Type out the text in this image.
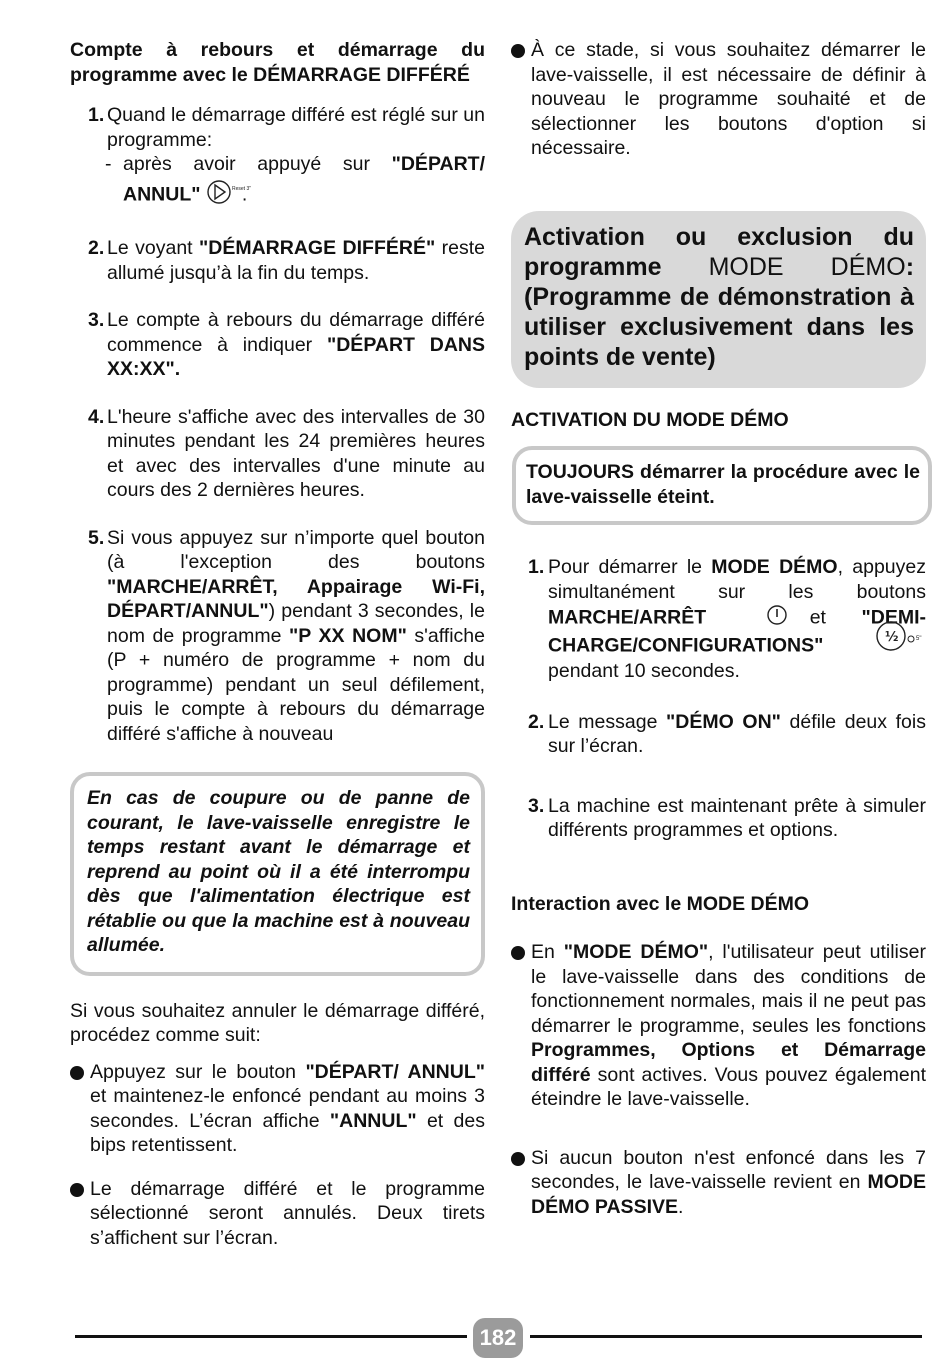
Compte à rebours et démarrage du programme avec le DÉMARRAGE DIFFÉRÉ
1. Quand le démarrage différé est réglé sur un programme:
- après avoir appuyé sur "DÉPART/ ANNUL"	Reset 3"
.
2. Le voyant "DÉMARRAGE DIFFÉRÉ" reste allumé jusqu’à la fin du temps.
3. Le compte à rebours du démarrage différé commence à indiquer "DÉPART DANS XX:XX".
4. L'heure s'affiche avec des intervalles de 30 minutes pendant les 24 premières heures et avec des intervalles d'une minute au cours des 2 dernières heures.
5. Si vous appuyez sur n’importe quel bouton (à l'exception des boutons "MARCHE/ARRÊT, Appairage Wi-Fi, DÉPART/ANNUL") pendant 3 secondes, le nom de programme "P XX NOM" s'affiche (P + numéro de programme + nom du programme) pendant un seul défilement, puis le compte à rebours du démarrage différé s'affiche à nouveau
En cas de coupure ou de panne de courant, le lave-vaisselle enregistre le temps restant avant le démarrage et reprend au point où il a été interrompu dès que l'alimentation électrique est rétablie ou que la machine est à nouveau allumée.
Si vous souhaitez annuler le démarrage différé, procédez comme suit:
Appuyez sur le bouton "DÉPART/ ANNUL" et maintenez-le enfoncé pendant au moins 3 secondes. L’écran affiche "ANNUL" et des bips retentissent.
Le démarrage différé et le programme sélectionné seront annulés. Deux tirets s’affichent sur l’écran.
À ce stade, si vous souhaitez démarrer le lave-vaisselle, il est nécessaire de définir à nouveau le programme souhaité et de sélectionner les boutons d'option si nécessaire.
Activation ou exclusion du programme MODE DÉMO: (Programme de démonstration à utiliser exclusivement dans les points de vente)
ACTIVATION DU MODE DÉMO
TOUJOURS démarrer la procédure avec le lave-vaisselle éteint.
1. Pour démarrer le MODE DÉMO, appuyez simultanément sur les boutons MARCHE/ARRÊT	et "DEMI-CHARGE/CONFIGURATIONS"	½	5"
pendant 10 secondes.
2. Le message "DÉMO ON" défile deux fois sur l’écran.
3. La machine est maintenant prête à simuler différents programmes et options.
Interaction avec le MODE DÉMO
En "MODE DÉMO", l'utilisateur peut utiliser le lave-vaisselle dans des conditions de fonctionnement normales, mais il ne peut pas démarrer le programme, seules les fonctions Programmes, Options et Démarrage différé sont actives. Vous pouvez également éteindre le lave-vaisselle.
Si aucun bouton n'est enfoncé dans les 7 secondes, le lave-vaisselle revient en MODE DÉMO PASSIVE.
182
